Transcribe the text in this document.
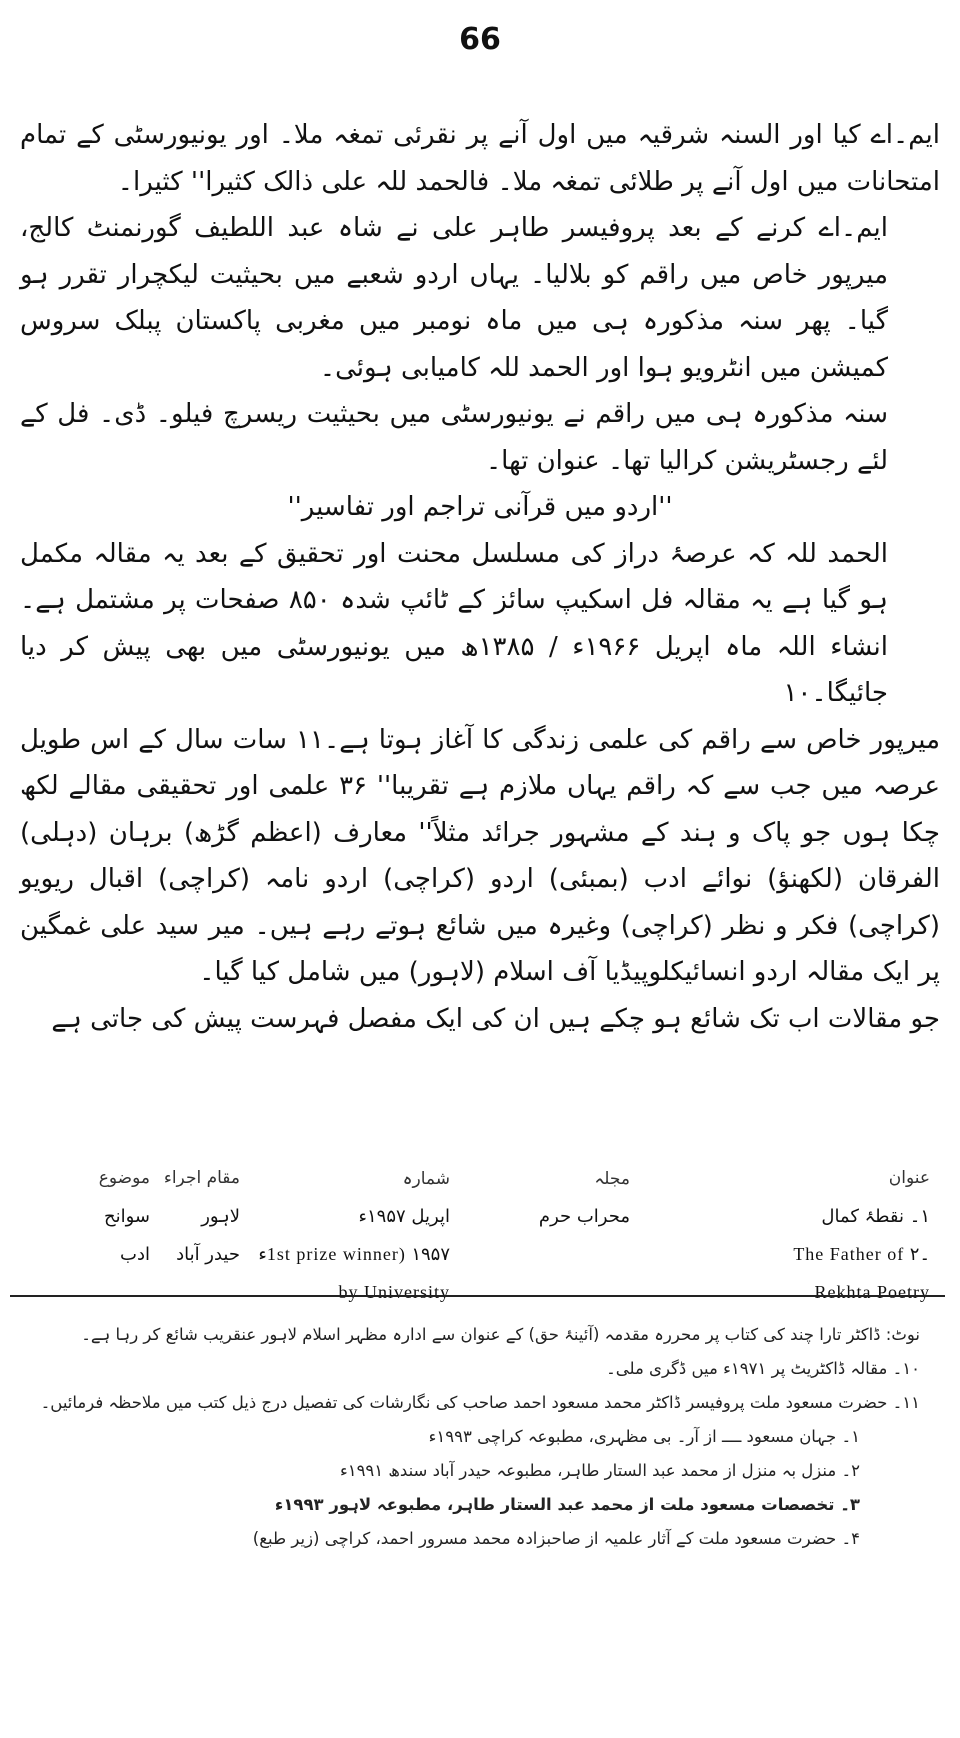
66

ایم۔اے کیا اور السنہ شرقیہ میں اول آنے پر نقرئی تمغہ ملا۔ اور یونیورسٹی کے تمام امتحانات میں اول آنے پر طلائی تمغہ ملا۔ فالحمد للہ علی ذالک کثیرا'' کثیرا۔

ایم۔اے کرنے کے بعد پروفیسر طاہر علی نے شاہ عبد اللطیف گورنمنٹ کالج، میرپور خاص میں راقم کو بلالیا۔ یہاں اردو شعبے میں بحیثیت لیکچرار تقرر ہو گیا۔ پھر سنہ مذکورہ ہی میں ماہ نومبر میں مغربی پاکستان پبلک سروس کمیشن میں انٹرویو ہوا اور الحمد للہ کامیابی ہوئی۔

سنہ مذکورہ ہی میں راقم نے یونیورسٹی میں بحیثیت ریسرچ فیلو۔ ڈی۔ فل کے لئے رجسٹریشن کرالیا تھا۔ عنوان تھا۔

''اردو میں قرآنی تراجم اور تفاسیر''

الحمد للہ کہ عرصۂ دراز کی مسلسل محنت اور تحقیق کے بعد یہ مقالہ مکمل ہو گیا ہے یہ مقالہ فل اسکیپ سائز کے ٹائپ شدہ ۸۵۰ صفحات پر مشتمل ہے۔ انشاء اللہ ماہ اپریل ۱۹۶۶ء / ۱۳۸۵ھ میں یونیورسٹی میں بھی پیش کر دیا جائیگا۔۱۰

میرپور خاص سے راقم کی علمی زندگی کا آغاز ہوتا ہے۔۱۱ سات سال کے اس طویل عرصہ میں جب سے کہ راقم یہاں ملازم ہے تقریبا'' ۳۶ علمی اور تحقیقی مقالے لکھ چکا ہوں جو پاک و ہند کے مشہور جرائد مثلاً'' معارف (اعظم گڑھ) برہان (دہلی) الفرقان (لکھنؤ) نوائے ادب (بمبئی) اردو (کراچی) اردو نامہ (کراچی) اقبال ریویو (کراچی) فکر و نظر (کراچی) وغیرہ میں شائع ہوتے رہے ہیں۔ میر سید علی غمگین پر ایک مقالہ اردو انسائیکلوپیڈیا آف اسلام (لاہور) میں شامل کیا گیا۔

جو مقالات اب تک شائع ہو چکے ہیں ان کی ایک مفصل فہرست پیش کی جاتی ہے

عنوان
مجلہ
شمارہ
مقام اجراء
موضوع
۱۔ نقطۂ کمال
محراب حرم
اپریل ۱۹۵۷ء
لاہور
سوانح
The Father of ۔۲
1st prize winner) ۱۹۵۷ء
حیدر آباد
ادب
Rekhta Poetry
by University

نوٹ: ڈاکٹر تارا چند کی کتاب پر محررہ مقدمہ (آئینۂ حق) کے عنوان سے ادارہ مظہر اسلام لاہور عنقریب شائع کر رہا ہے۔

۱۰۔ مقالہ ڈاکٹریٹ پر ۱۹۷۱ء میں ڈگری ملی۔

۱۱۔ حضرت مسعود ملت پروفیسر ڈاکٹر محمد مسعود احمد صاحب کی نگارشات کی تفصیل درج ذیل کتب میں ملاحظہ فرمائیں۔

۱۔ جہان مسعود ــــ از آر۔ بی مظہری، مطبوعہ کراچی ۱۹۹۳ء

۲۔ منزل بہ منزل از محمد عبد الستار طاہر، مطبوعہ حیدر آباد سندھ ۱۹۹۱ء

۳۔ تخصصات مسعود ملت از محمد عبد الستار طاہر، مطبوعہ لاہور ۱۹۹۳ء

۴۔ حضرت مسعود ملت کے آثار علمیہ از صاحبزادہ محمد مسرور احمد، کراچی (زیر طبع)
